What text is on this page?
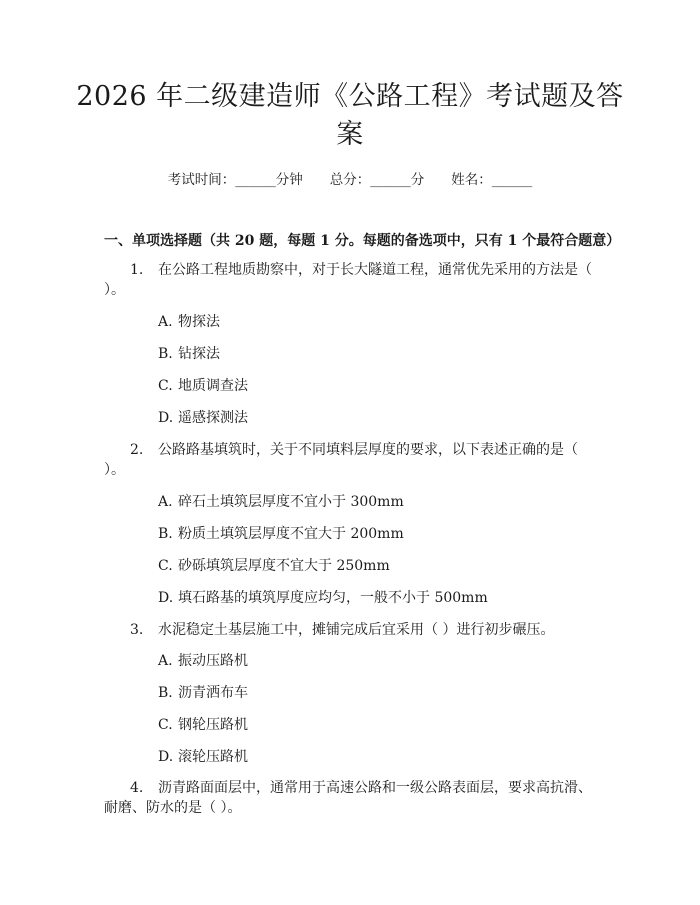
2026 年二级建造师《公路工程》考试题及答案
考试时间：______分钟　　总分：______分　　姓名：______
一、单项选择题（共 20 题，每题 1 分。每题的备选项中，只有 1 个最符合题意）
1. 在公路工程地质勘察中，对于长大隧道工程，通常优先采用的方法是（ ）。
A. 物探法
B. 钻探法
C. 地质调查法
D. 遥感探测法
2. 公路路基填筑时，关于不同填料层厚度的要求，以下表述正确的是（ ）。
A. 碎石土填筑层厚度不宜小于 300mm
B. 粉质土填筑层厚度不宜大于 200mm
C. 砂砾填筑层厚度不宜大于 250mm
D. 填石路基的填筑厚度应均匀，一般不小于 500mm
3. 水泥稳定土基层施工中，摊铺完成后宜采用（ ）进行初步碾压。
A. 振动压路机
B. 沥青洒布车
C. 钢轮压路机
D. 滚轮压路机
4. 沥青路面面层中，通常用于高速公路和一级公路表面层，要求高抗滑、耐磨、防水的是（ ）。
